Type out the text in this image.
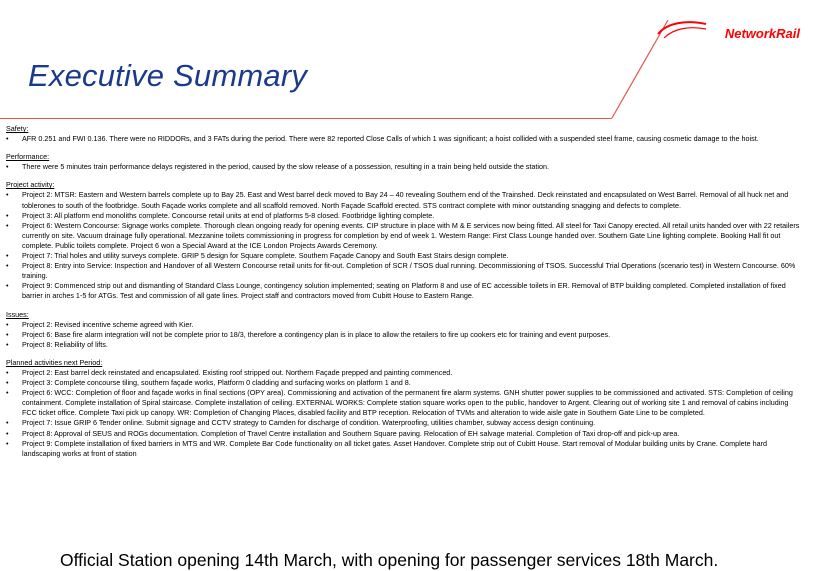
NetworkRail
Executive Summary
Safety:
• AFR 0.251 and FWI 0.136. There were no RIDDORs, and 3 FATs during the period. There were 82 reported Close Calls of which 1 was significant; a hoist collided with a suspended steel frame, causing cosmetic damage to the hoist.
Performance:
• There were 5 minutes train performance delays registered in the period, caused by the slow release of a possession, resulting in a train being held outside the station.
Project activity:
• Project 2: MTSR: Eastern and Western barrels complete up to Bay 25. East and West barrel deck moved to Bay 24 – 40 revealing Southern end of the Trainshed. Deck reinstated and encapsulated on West Barrel. Removal of all huck net and toblerones to south of the footbridge. South Façade works complete and all scaffold removed. North Façade Scaffold erected. STS contract complete with minor outstanding snagging and defects to complete.
• Project 3: All platform end monoliths complete. Concourse retail units at end of platforms 5-8 closed. Footbridge lighting complete.
• Project 6: Western Concourse: Signage works complete. Thorough clean ongoing ready for opening events. CIP structure in place with M & E services now being fitted. All steel for Taxi Canopy erected. All retail units handed over with 22 retailers currently on site. Vacuum drainage fully operational. Mezzanine toilets commissioning in progress for completion by end of week 1. Western Range: First Class Lounge handed over. Southern Gate Line lighting complete. Booking Hall fit out complete. Public toilets complete. Project 6 won a Special Award at the ICE London Projects Awards Ceremony.
• Project 7: Trial holes and utility surveys complete. GRIP 5 design for Square complete. Southern Façade Canopy and South East Stairs design complete.
• Project 8: Entry into Service: Inspection and Handover of all Western Concourse retail units for fit-out. Completion of SCR / TSOS dual running. Decommissioning of TSOS. Successful Trial Operations (scenario test) in Western Concourse. 60% training.
• Project 9: Commenced strip out and dismantling of Standard Class Lounge, contingency solution implemented; seating on Platform 8 and use of EC accessible toilets in ER. Removal of BTP building completed. Completed installation of fixed barrier in arches 1-5 for ATGs. Test and commission of all gate lines. Project staff and contractors moved from Cubitt House to Eastern Range.
Issues:
• Project 2: Revised incentive scheme agreed with Kier.
• Project 6: Base fire alarm integration will not be complete prior to 18/3, therefore a contingency plan is in place to allow the retailers to fire up cookers etc for training and event purposes.
• Project 8: Reliability of lifts.
Planned activities next Period:
• Project 2: East barrel deck reinstated and encapsulated. Existing roof stripped out. Northern Façade prepped and painting commenced.
• Project 3: Complete concourse tiling, southern façade works, Platform 0 cladding and surfacing works on platform 1 and 8.
• Project 6: WCC: Completion of floor and façade works in final sections (OPY area). Commissioning and activation of the permanent fire alarm systems. GNH shutter power supplies to be commissioned and activated. STS: Completion of ceiling containment. Complete installation of Spiral staircase. Complete installation of ceiling. EXTERNAL WORKS: Complete station square works open to the public, handover to Argent. Clearing out of working site 1 and removal of cabins including FCC ticket office. Complete Taxi pick up canopy. WR: Completion of Changing Places, disabled facility and BTP reception. Relocation of TVMs and alteration to wide aisle gate in Southern Gate Line to be completed.
• Project 7: Issue GRIP 6 Tender online. Submit signage and CCTV strategy to Camden for discharge of condition. Waterproofing, utilities chamber, subway access design continuing.
• Project 8: Approval of SEUS and ROGs documentation. Completion of Travel Centre installation and Southern Square paving. Relocation of EH salvage material. Completion of Taxi drop-off and pick-up area.
• Project 9: Complete installation of fixed barriers in MTS and WR. Complete Bar Code functionality on all ticket gates. Asset Handover. Complete strip out of Cubitt House. Start removal of Modular building units by Crane. Complete hard landscaping works at front of station
Official Station opening 14th March, with opening for passenger services 18th March.
